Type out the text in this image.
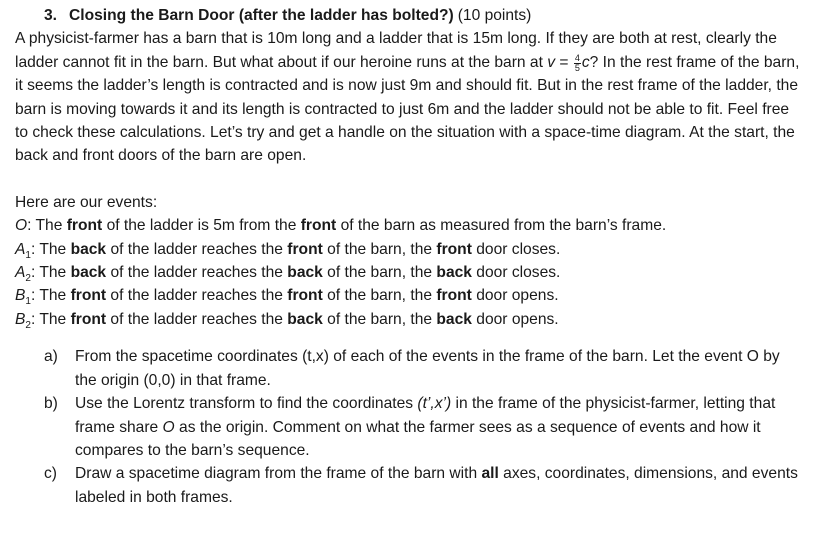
3. Closing the Barn Door (after the ladder has bolted?) (10 points)

A physicist-farmer has a barn that is 10m long and a ladder that is 15m long. If they are both at rest, clearly the ladder cannot fit in the barn. But what about if our heroine runs at the barn at $v = \frac{4}{5} c$? In the rest frame of the barn, it seems the ladder’s length is contracted and is now just 9m and should fit. But in the rest frame of the ladder, the barn is moving towards it and its length is contracted to just 6m and the ladder should not be able to fit. Feel free to check these calculations. Let’s try and get a handle on the situation with a space-time diagram. At the start, the back and front doors of the barn are open.

Here are our events:
O: The front of the ladder is 5m from the front of the barn as measured from the barn’s frame.
$A_1$: The back of the ladder reaches the front of the barn, the front door closes.
$A_2$: The back of the ladder reaches the back of the barn, the back door closes.
$B_1$: The front of the ladder reaches the front of the barn, the front door opens.
$B_2$: The front of the ladder reaches the back of the barn, the back door opens.
a)	From the spacetime coordinates (t,x) of each of the events in the frame of the barn. Let the event O by the origin (0,0) in that frame.
b)	Use the Lorentz transform to find the coordinates (t’,x’) in the frame of the physicist-farmer, letting that frame share O as the origin. Comment on what the farmer sees as a sequence of events and how it compares to the barn’s sequence.
c)	Draw a spacetime diagram from the frame of the barn with all axes, coordinates, dimensions, and events labeled in both frames.
